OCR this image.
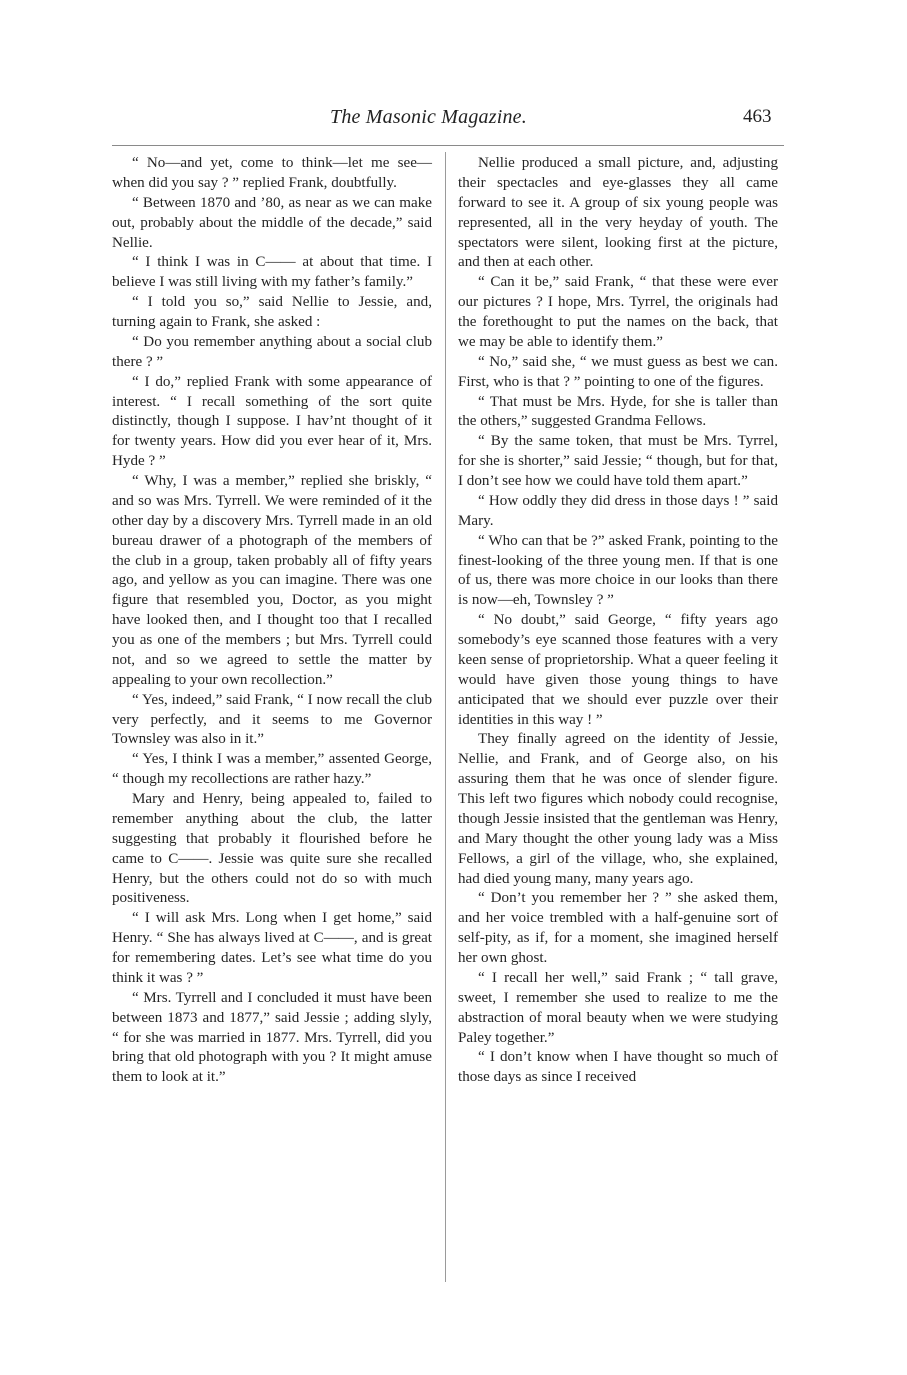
The Masonic Magazine.	463

“ No—and yet, come to think—let me see—when did you say ? ” replied Frank, doubtfully.

“ Between 1870 and ’80, as near as we can make out, probably about the middle of the decade,” said Nellie.

“ I think I was in C—— at about that time. I believe I was still living with my father’s family.”

“ I told you so,” said Nellie to Jessie, and, turning again to Frank, she asked :

“ Do you remember anything about a social club there ? ”

“ I do,” replied Frank with some appearance of interest. “ I recall something of the sort quite distinctly, though I suppose. I hav’nt thought of it for twenty years. How did you ever hear of it, Mrs. Hyde ? ”

“ Why, I was a member,” replied she briskly, “ and so was Mrs. Tyrrell. We were reminded of it the other day by a discovery Mrs. Tyrrell made in an old bureau drawer of a photograph of the members of the club in a group, taken probably all of fifty years ago, and yellow as you can imagine. There was one figure that resembled you, Doctor, as you might have looked then, and I thought too that I recalled you as one of the members ; but Mrs. Tyrrell could not, and so we agreed to settle the matter by appealing to your own recollection.”

“ Yes, indeed,” said Frank, “ I now recall the club very perfectly, and it seems to me Governor Townsley was also in it.”

“ Yes, I think I was a member,” assented George, “ though my recollections are rather hazy.”

Mary and Henry, being appealed to, failed to remember anything about the club, the latter suggesting that probably it flourished before he came to C——. Jessie was quite sure she recalled Henry, but the others could not do so with much positiveness.

“ I will ask Mrs. Long when I get home,” said Henry. “ She has always lived at C——, and is great for remembering dates. Let’s see what time do you think it was ? ”

“ Mrs. Tyrrell and I concluded it must have been between 1873 and 1877,” said Jessie ; adding slyly, “ for she was married in 1877. Mrs. Tyrrell, did you bring that old photograph with you ? It might amuse them to look at it.”

Nellie produced a small picture, and, adjusting their spectacles and eye-glasses they all came forward to see it. A group of six young people was represented, all in the very heyday of youth. The spectators were silent, looking first at the picture, and then at each other.

“ Can it be,” said Frank, “ that these were ever our pictures ? I hope, Mrs. Tyrrel, the originals had the forethought to put the names on the back, that we may be able to identify them.”

“ No,” said she, “ we must guess as best we can. First, who is that ? ” pointing to one of the figures.

“ That must be Mrs. Hyde, for she is taller than the others,” suggested Grandma Fellows.

“ By the same token, that must be Mrs. Tyrrel, for she is shorter,” said Jessie; “ though, but for that, I don’t see how we could have told them apart.”

“ How oddly they did dress in those days ! ” said Mary.

“ Who can that be ?” asked Frank, pointing to the finest-looking of the three young men. If that is one of us, there was more choice in our looks than there is now—eh, Townsley ? ”

“ No doubt,” said George, “ fifty years ago somebody’s eye scanned those features with a very keen sense of proprietorship. What a queer feeling it would have given those young things to have anticipated that we should ever puzzle over their identities in this way ! ”

They finally agreed on the identity of Jessie, Nellie, and Frank, and of George also, on his assuring them that he was once of slender figure. This left two figures which nobody could recognise, though Jessie insisted that the gentleman was Henry, and Mary thought the other young lady was a Miss Fellows, a girl of the village, who, she explained, had died young many, many years ago.

“ Don’t you remember her ? ” she asked them, and her voice trembled with a half-genuine sort of self-pity, as if, for a moment, she imagined herself her own ghost.

“ I recall her well,” said Frank ; “ tall grave, sweet, I remember she used to realize to me the abstraction of moral beauty when we were studying Paley together.”

“ I don’t know when I have thought so much of those days as since I received
